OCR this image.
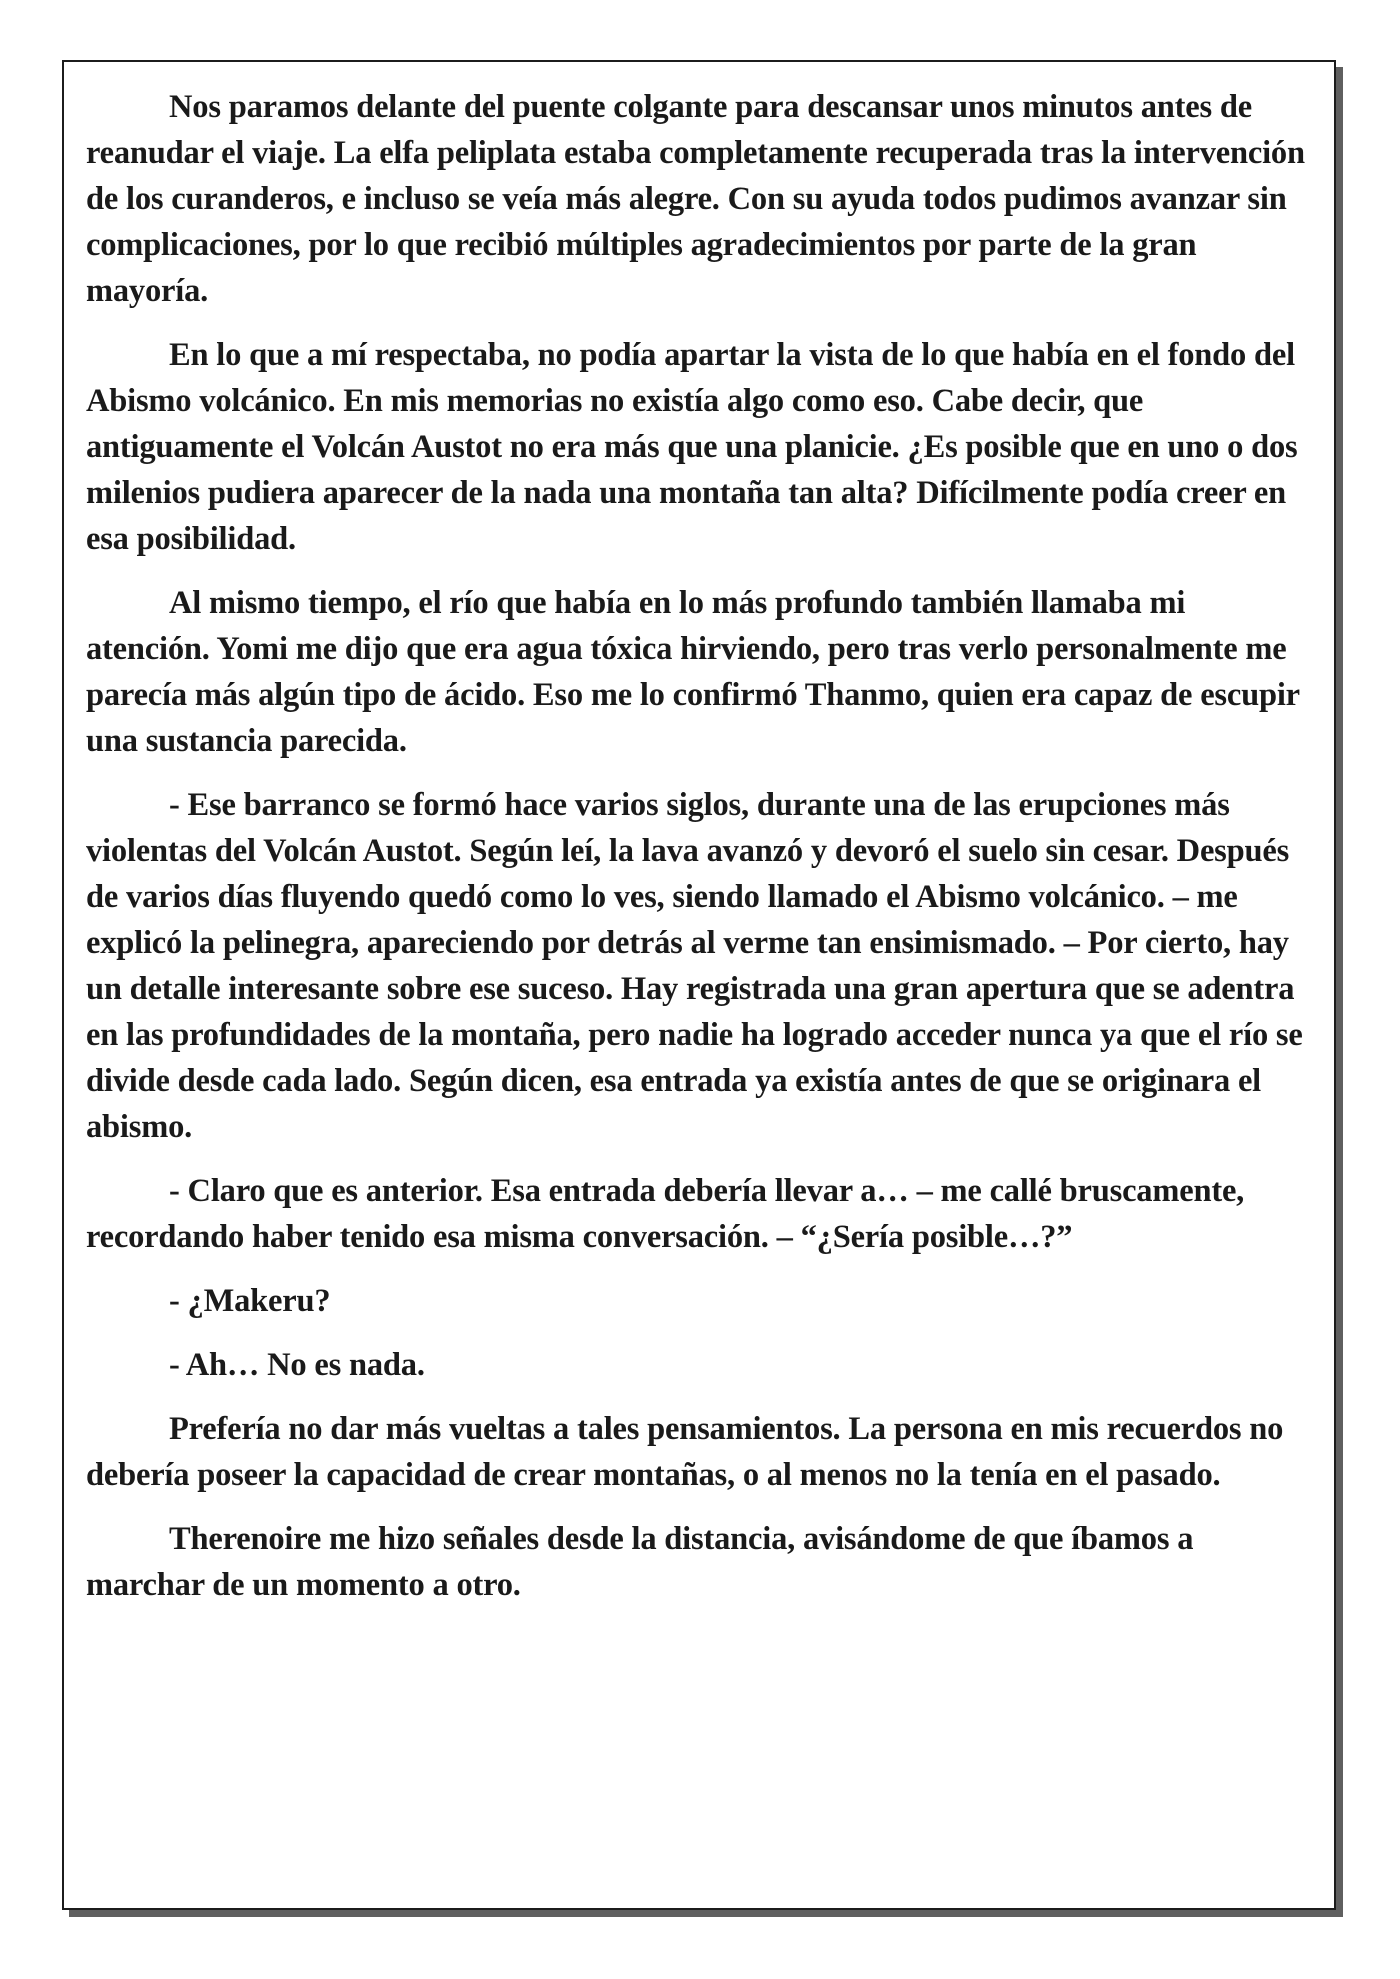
Nos paramos delante del puente colgante para descansar unos minutos antes de reanudar el viaje. La elfa peliplata estaba completamente recuperada tras la intervención de los curanderos, e incluso se veía más alegre. Con su ayuda todos pudimos avanzar sin complicaciones, por lo que recibió múltiples agradecimientos por parte de la gran mayoría.

En lo que a mí respectaba, no podía apartar la vista de lo que había en el fondo del Abismo volcánico. En mis memorias no existía algo como eso. Cabe decir, que antiguamente el Volcán Austot no era más que una planicie. ¿Es posible que en uno o dos milenios pudiera aparecer de la nada una montaña tan alta? Difícilmente podía creer en esa posibilidad.

Al mismo tiempo, el río que había en lo más profundo también llamaba mi atención. Yomi me dijo que era agua tóxica hirviendo, pero tras verlo personalmente me parecía más algún tipo de ácido. Eso me lo confirmó Thanmo, quien era capaz de escupir una sustancia parecida.

- Ese barranco se formó hace varios siglos, durante una de las erupciones más violentas del Volcán Austot. Según leí, la lava avanzó y devoró el suelo sin cesar. Después de varios días fluyendo quedó como lo ves, siendo llamado el Abismo volcánico. – me explicó la pelinegra, apareciendo por detrás al verme tan ensimismado. – Por cierto, hay un detalle interesante sobre ese suceso. Hay registrada una gran apertura que se adentra en las profundidades de la montaña, pero nadie ha logrado acceder nunca ya que el río se divide desde cada lado. Según dicen, esa entrada ya existía antes de que se originara el abismo.

- Claro que es anterior. Esa entrada debería llevar a… – me callé bruscamente, recordando haber tenido esa misma conversación. – “¿Sería posible…?”

- ¿Makeru?

- Ah… No es nada.

Prefería no dar más vueltas a tales pensamientos. La persona en mis recuerdos no debería poseer la capacidad de crear montañas, o al menos no la tenía en el pasado.

Therenoire me hizo señales desde la distancia, avisándome de que íbamos a marchar de un momento a otro.
